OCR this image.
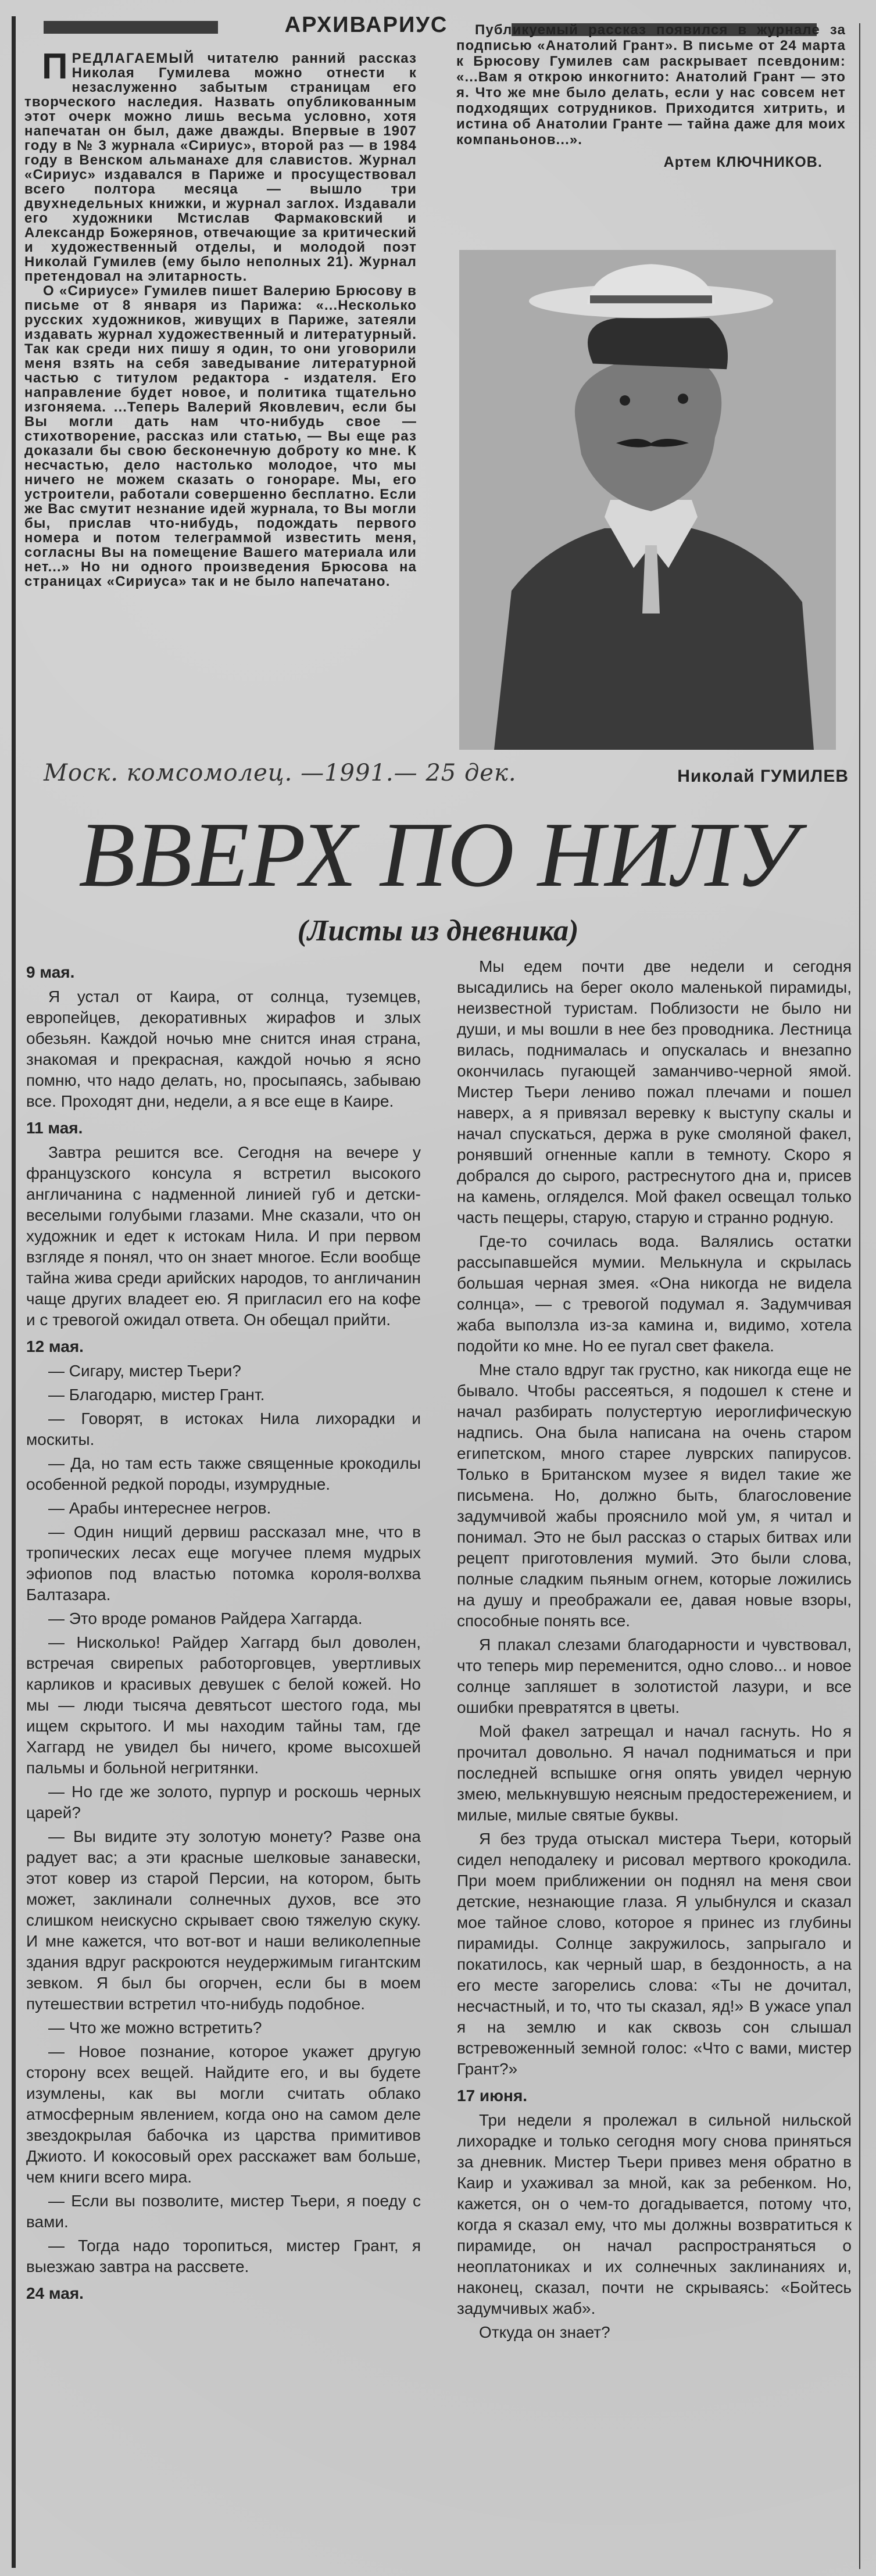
АРХИВАРИУС

ПРЕДЛАГАЕМЫЙ читателю ранний рассказ Николая Гумилева можно отнести к незаслуженно забытым страницам его творческого наследия. Назвать опубликованным этот очерк можно лишь весьма условно, хотя напечатан он был, даже дважды. Впервые в 1907 году в № 3 журнала «Сириус», второй раз — в 1984 году в Венском альманахе для славистов. Журнал «Сириус» издавался в Париже и просуществовал всего полтора месяца — вышло три двухнедельных книжки, и журнал заглох. Издавали его художники Мстислав Фармаковский и Александр Божерянов, отвечающие за критический и художественный отделы, и молодой поэт Николай Гумилев (ему было неполных 21). Журнал претендовал на элитарность.

О «Сириусе» Гумилев пишет Валерию Брюсову в письме от 8 января из Парижа: «...Несколько русских художников, живущих в Париже, затеяли издавать журнал художественный и литературный. Так как среди них пишу я один, то они уговорили меня взять на себя заведывание литературной частью с титулом редактора - издателя. Его направление будет новое, и политика тщательно изгоняема. ...Теперь Валерий Яковлевич, если бы Вы могли дать нам что-нибудь свое — стихотворение, рассказ или статью, — Вы еще раз доказали бы свою бесконечную доброту ко мне. К несчастью, дело настолько молодое, что мы ничего не можем сказать о гонораре. Мы, его устроители, работали совершенно бесплатно. Если же Вас смутит незнание идей журнала, то Вы могли бы, прислав что-нибудь, подождать первого номера и потом телеграммой известить меня, согласны Вы на помещение Вашего материала или нет...» Но ни одного произведения Брюсова на страницах «Сириуса» так и не было напечатано.

Публикуемый рассказ появился в журнале за подписью «Анатолий Грант». В письме от 24 марта к Брюсову Гумилев сам раскрывает псевдоним: «...Вам я открою инкогнито: Анатолий Грант — это я. Что же мне было делать, если у нас совсем нет подходящих сотрудников. Приходится хитрить, и истина об Анатолии Гранте — тайна даже для моих компаньонов...».

Артем КЛЮЧНИКОВ.
Моск. комсомолец. —1991.— 25 дек.	Николай ГУМИЛЕВ
ВВЕРХ ПО НИЛУ
(Листы из дневника)
9 мая.

Я устал от Каира, от солнца, туземцев, европейцев, декоративных жирафов и злых обезьян. Каждой ночью мне снится иная страна, знакомая и прекрасная, каждой ночью я ясно помню, что надо делать, но, просыпаясь, забываю все. Проходят дни, недели, а я все еще в Каире.

11 мая.

Завтра решится все. Сегодня на вечере у французского консула я встретил высокого англичанина с надменной линией губ и детски-веселыми голубыми глазами. Мне сказали, что он художник и едет к истокам Нила. И при первом взгляде я понял, что он знает многое. Если вообще тайна жива среди арийских народов, то англичанин чаще других владеет ею. Я пригласил его на кофе и с тревогой ожидал ответа. Он обещал прийти.

12 мая.

— Сигару, мистер Тьери?

— Благодарю, мистер Грант.

— Говорят, в истоках Нила лихорадки и москиты.

— Да, но там есть также священные крокодилы особенной редкой породы, изумрудные.

— Арабы интереснее негров.

— Один нищий дервиш рассказал мне, что в тропических лесах еще могучее племя мудрых эфиопов под властью потомка короля-волхва Балтазара.

— Это вроде романов Райдера Хаггарда.

— Нисколько! Райдер Хаггард был доволен, встречая свирепых работорговцев, увертливых карликов и красивых девушек с белой кожей. Но мы — люди тысяча девятьсот шестого года, мы ищем скрытого. И мы находим тайны там, где Хаггард не увидел бы ничего, кроме высохшей пальмы и больной негритянки.

— Но где же золото, пурпур и роскошь черных царей?

— Вы видите эту золотую монету? Разве она радует вас; а эти красные шелковые занавески, этот ковер из старой Персии, на котором, быть может, заклинали солнечных духов, все это слишком неискусно скрывает свою тяжелую скуку. И мне кажется, что вот-вот и наши великолепные здания вдруг раскроются неудержимым гигантским зевком. Я был бы огорчен, если бы в моем путешествии встретил что-нибудь подобное.

— Что же можно встретить?

— Новое познание, которое укажет другую сторону всех вещей. Найдите его, и вы будете изумлены, как вы могли считать облако атмосферным явлением, когда оно на самом деле звездокрылая бабочка из царства примитивов Джиото. И кокосовый орех расскажет вам больше, чем книги всего мира.

— Если вы позволите, мистер Тьери, я поеду с вами.

— Тогда надо торопиться, мистер Грант, я выезжаю завтра на рассвете.

24 мая.

Мы едем почти две недели и сегодня высадились на берег около маленькой пирамиды, неизвестной туристам. Поблизости не было ни души, и мы вошли в нее без проводника. Лестница вилась, поднималась и опускалась и внезапно окончилась пугающей заманчиво-черной ямой. Мистер Тьери лениво пожал плечами и пошел наверх, а я привязал веревку к выступу скалы и начал спускаться, держа в руке смоляной факел, ронявший огненные капли в темноту. Скоро я добрался до сырого, растреснутого дна и, присев на камень, огляделся. Мой факел освещал только часть пещеры, старую, старую и странно родную.

Где-то сочилась вода. Валялись остатки рассыпавшейся мумии. Мелькнула и скрылась большая черная змея. «Она никогда не видела солнца», — с тревогой подумал я. Задумчивая жаба выползла из-за камина и, видимо, хотела подойти ко мне. Но ее пугал свет факела.

Мне стало вдруг так грустно, как никогда еще не бывало. Чтобы рассеяться, я подошел к стене и начал разбирать полустертую иероглифическую надпись. Она была написана на очень старом египетском, много старее луврских папирусов. Только в Британском музее я видел такие же письмена. Но, должно быть, благословение задумчивой жабы прояснило мой ум, я читал и понимал. Это не был рассказ о старых битвах или рецепт приготовления мумий. Это были слова, полные сладким пьяным огнем, которые ложились на душу и преображали ее, давая новые взоры, способные понять все.

Я плакал слезами благодарности и чувствовал, что теперь мир переменится, одно слово... и новое солнце запляшет в золотистой лазури, и все ошибки превратятся в цветы.

Мой факел затрещал и начал гаснуть. Но я прочитал довольно. Я начал подниматься и при последней вспышке огня опять увидел черную змею, мелькнувшую неясным предостережением, и милые, милые святые буквы.

Я без труда отыскал мистера Тьери, который сидел неподалеку и рисовал мертвого крокодила. При моем приближении он поднял на меня свои детские, незнающие глаза. Я улыбнулся и сказал мое тайное слово, которое я принес из глубины пирамиды. Солнце закружилось, запрыгало и покатилось, как черный шар, в бездонность, а на его месте загорелись слова: «Ты не дочитал, несчастный, и то, что ты сказал, яд!» В ужасе упал я на землю и как сквозь сон слышал встревоженный земной голос: «Что с вами, мистер Грант?»

17 июня.

Три недели я пролежал в сильной нильской лихорадке и только сегодня могу снова приняться за дневник. Мистер Тьери привез меня обратно в Каир и ухаживал за мной, как за ребенком. Но, кажется, он о чем-то догадывается, потому что, когда я сказал ему, что мы должны возвратиться к пирамиде, он начал распространяться о неоплатониках и их солнечных заклинаниях и, наконец, сказал, почти не скрываясь: «Бойтесь задумчивых жаб».

Откуда он знает?
